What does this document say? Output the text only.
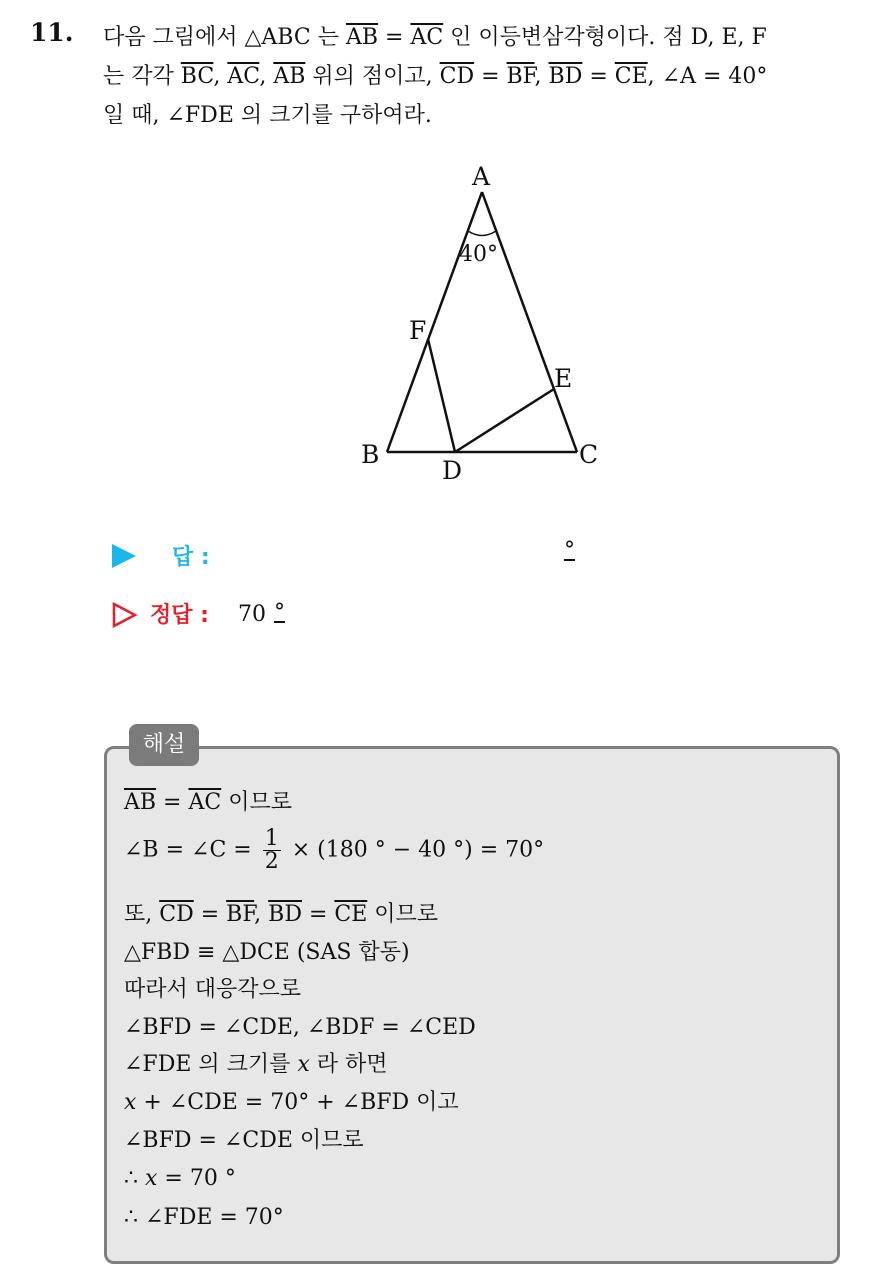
11. 다음 그림에서 △ABC 는 $\overline{AB} = \overline{AC}$ 인 이등변삼각형이다. 점 D, E, F
는 각각 $\overline{BC}$, $\overline{AC}$, $\overline{AB}$ 위의 점이고, $\overline{CD} = \overline{BF}$, $\overline{BD} = \overline{CE}$, ∠A = 40°
일 때, ∠FDE 의 크기를 구하여라.
A
B	C
D
E
F
40°
답 :	°
정답 : 70 °
해설
$\overline{AB} = \overline{AC}$ 이므로
∠B = ∠C = $\frac{1}{2} \times (180$ ° − 40 °) = 70°
또, $\overline{CD} = \overline{BF}$, $\overline{BD} = \overline{CE}$ 이므로
△FBD ≡ △DCE (SAS 합동)
따라서 대응각으로
∠BFD = ∠CDE, ∠BDF = ∠CED
∠FDE 의 크기를 x 라 하면
x + ∠CDE = 70° + ∠BFD 이고
∠BFD = ∠CDE 이므로
∴ x = 70 °
∴ ∠FDE = 70°
